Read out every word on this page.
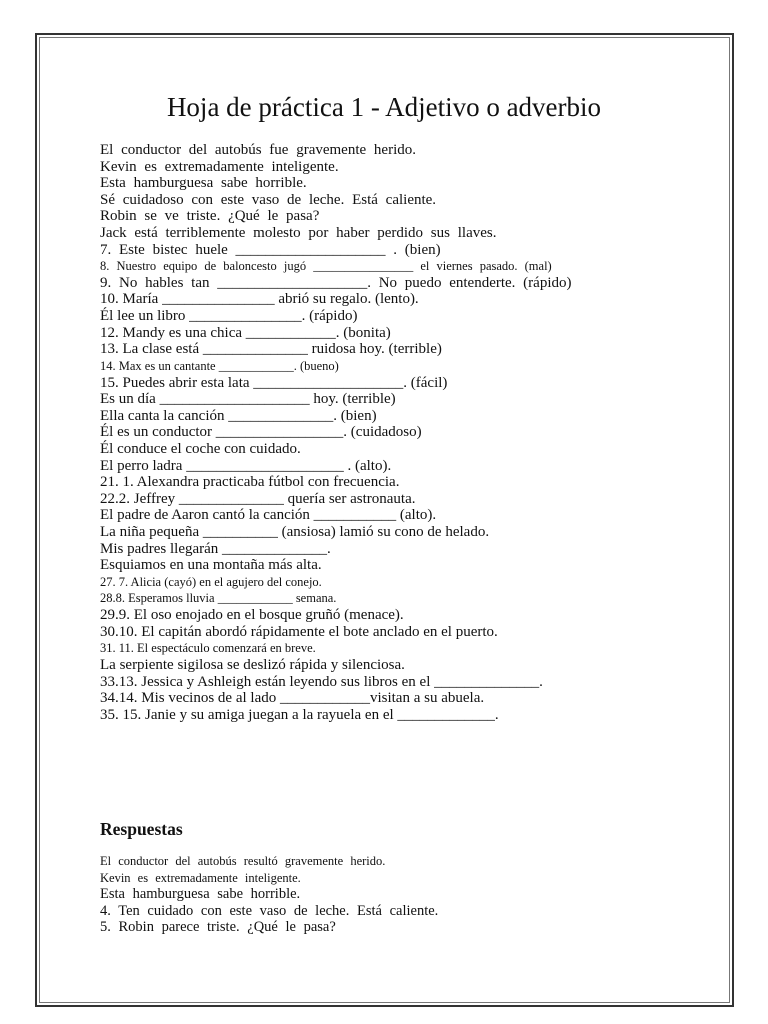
Hoja de práctica 1 - Adjetivo o adverbio
El conductor del autobús fue gravemente herido.
Kevin es extremadamente inteligente.
Esta hamburguesa sabe horrible.
Sé cuidadoso con este vaso de leche. Está caliente.
Robin se ve triste. ¿Qué le pasa?
Jack está terriblemente molesto por haber perdido sus llaves.
7. Este bistec huele ____________________ . (bien)
8. Nuestro equipo de baloncesto jugó ________________ el viernes pasado. (mal)
9. No hables tan ____________________. No puedo entenderte. (rápido)
10. María _______________ abrió su regalo. (lento).
Él lee un libro _______________. (rápido)
12. Mandy es una chica ____________. (bonita)
13. La clase está ______________ ruidosa hoy. (terrible)
14. Max es un cantante ____________. (bueno)
15. Puedes abrir esta lata ____________________. (fácil)
Es un día ____________________ hoy. (terrible)
Ella canta la canción ______________. (bien)
Él es un conductor _________________. (cuidadoso)
Él conduce el coche con cuidado.
El perro ladra _____________________ . (alto).
21. 1. Alexandra practicaba fútbol con frecuencia.
22.2. Jeffrey ______________ quería ser astronauta.
El padre de Aaron cantó la canción ___________ (alto).
La niña pequeña __________ (ansiosa) lamió su cono de helado.
Mis padres llegarán ______________.
Esquiamos en una montaña más alta.
27. 7. Alicia (cayó) en el agujero del conejo.
28.8. Esperamos lluvia ____________ semana.
29.9. El oso enojado en el bosque gruñó (menace).
30.10. El capitán abordó rápidamente el bote anclado en el puerto.
31. 11. El espectáculo comenzará en breve.
La serpiente sigilosa se deslizó rápida y silenciosa.
33.13. Jessica y Ashleigh están leyendo sus libros en el ______________.
34.14. Mis vecinos de al lado ____________visitan a su abuela.
35. 15. Janie y su amiga juegan a la rayuela en el _____________.
Respuestas
El conductor del autobús resultó gravemente herido.
Kevin es extremadamente inteligente.
Esta hamburguesa sabe horrible.
4. Ten cuidado con este vaso de leche. Está caliente.
5. Robin parece triste. ¿Qué le pasa?
